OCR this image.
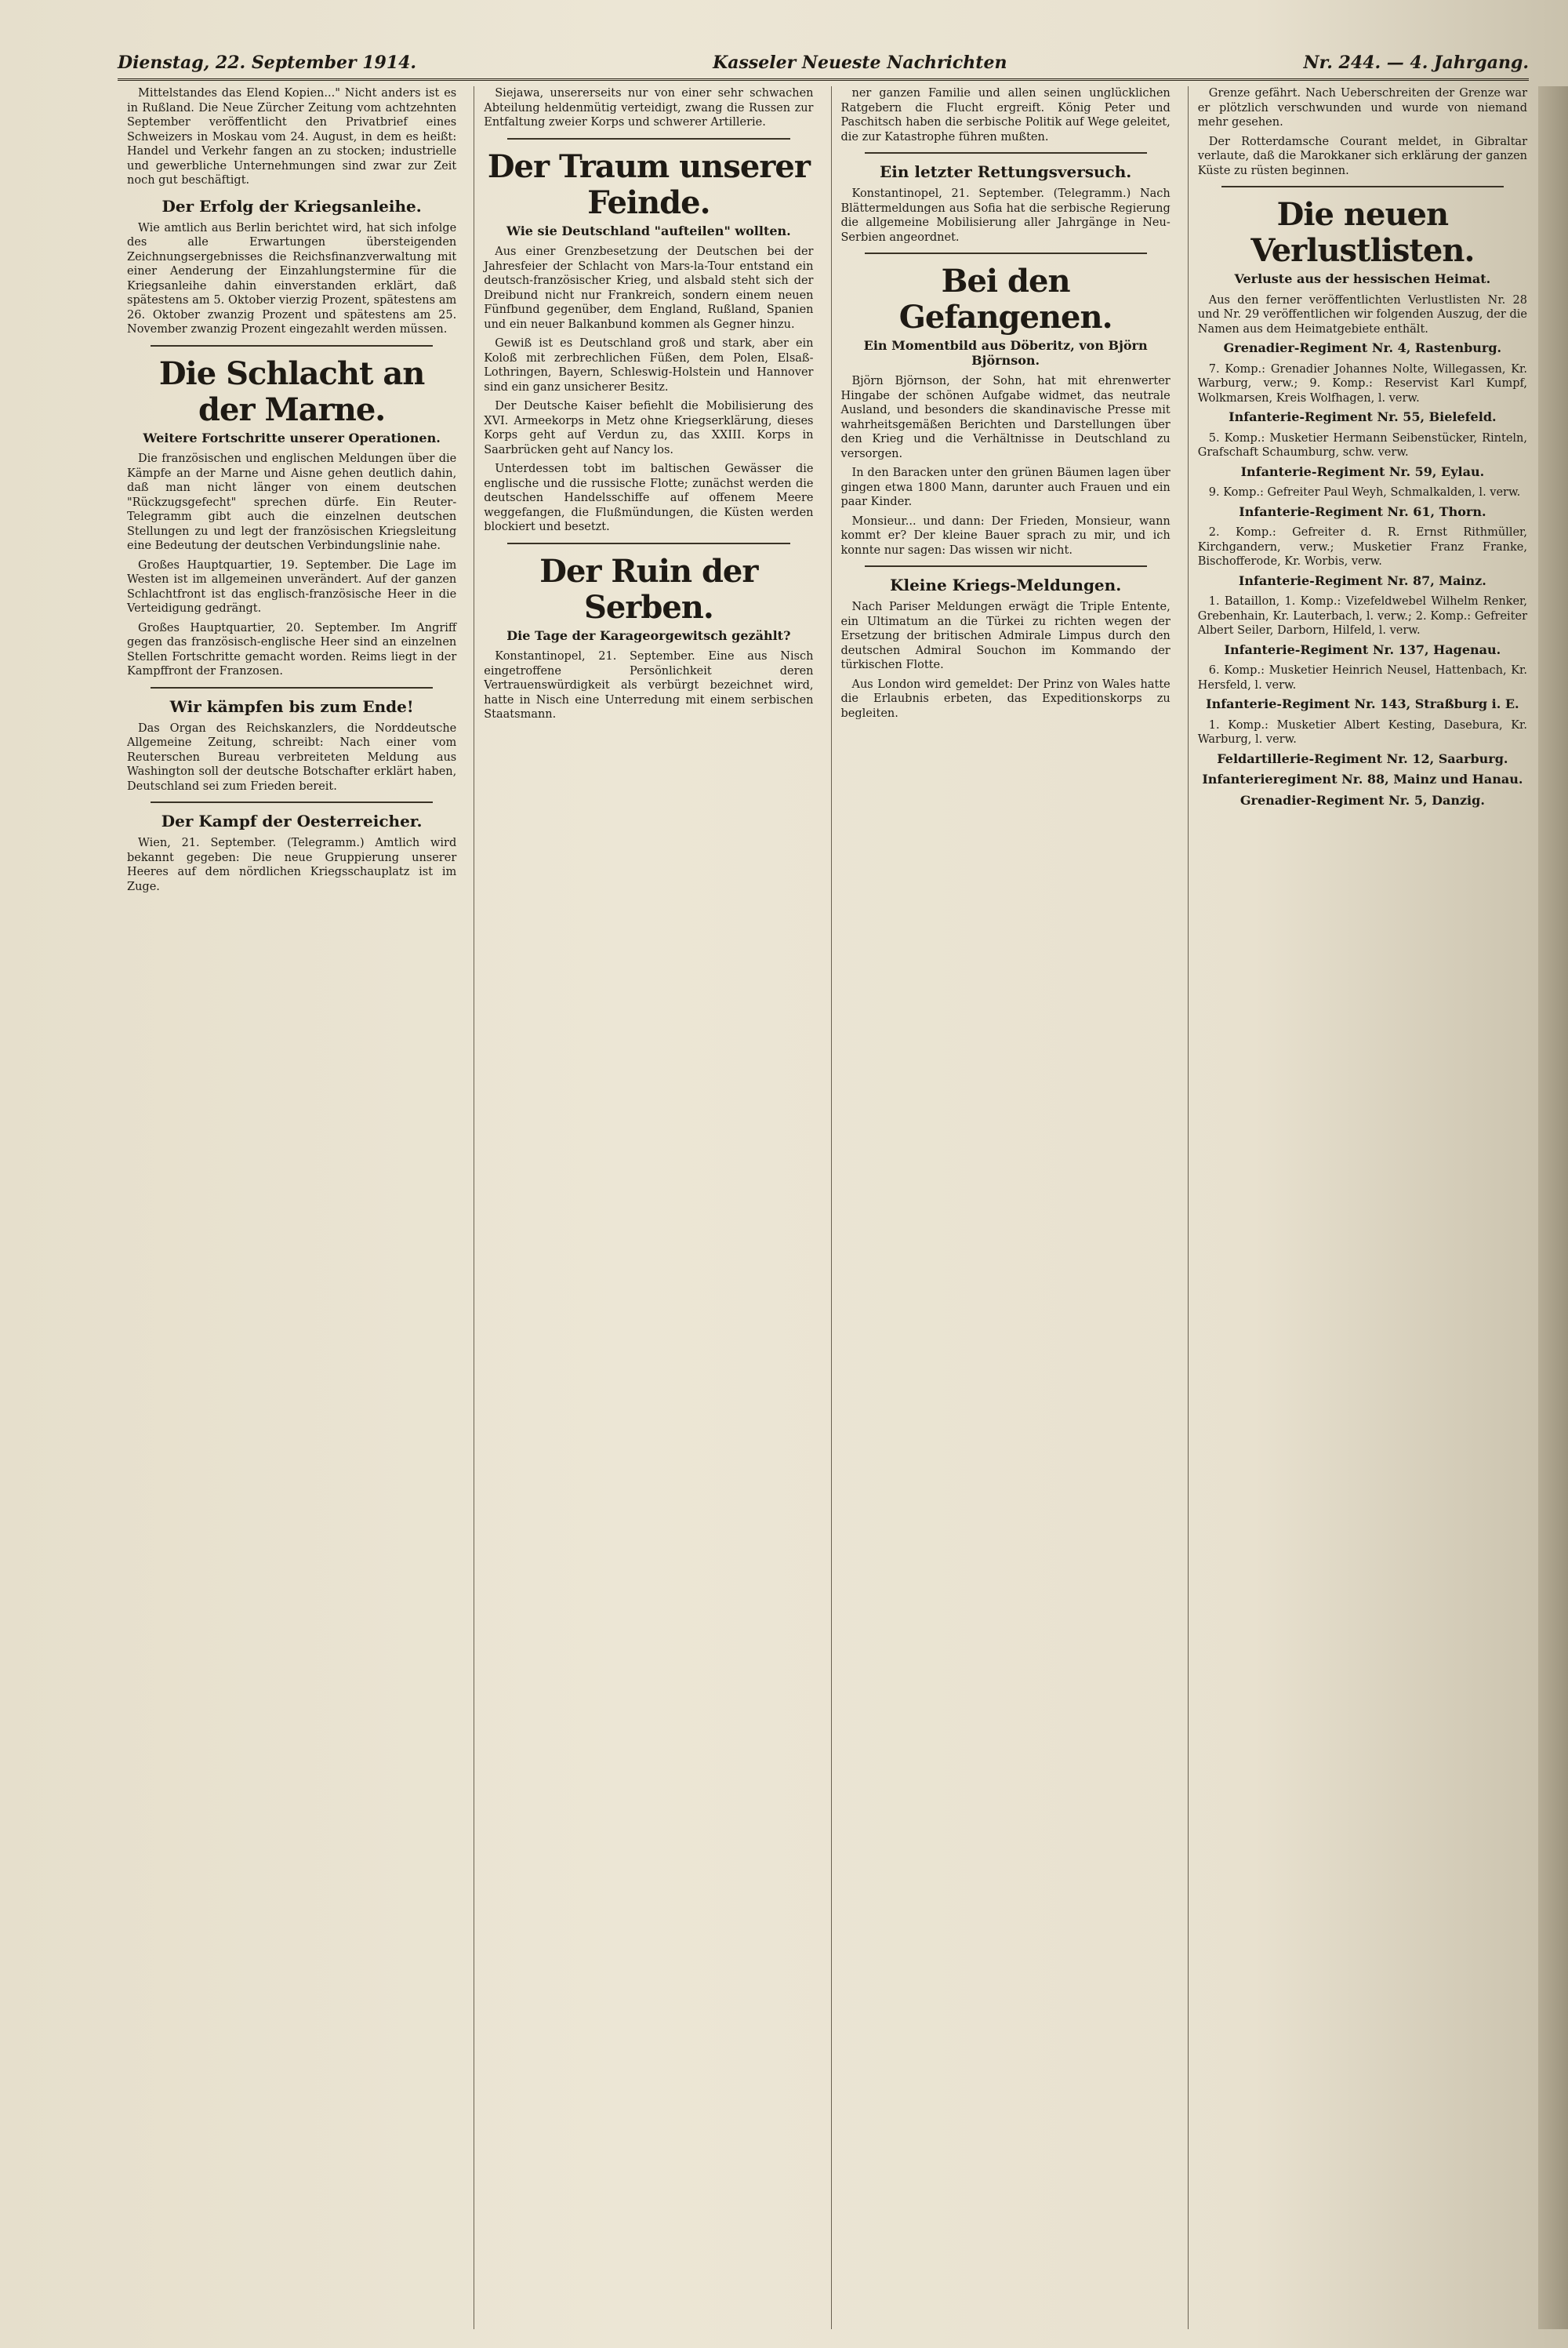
Dienstag, 22. September 1914.	Kasseler Neueste Nachrichten	Nr. 244. — 4. Jahrgang.

Mittelstandes das Elend Kopien..." Nicht anders ist es in Rußland. Die Neue Zürcher Zeitung vom achtzehnten September veröffentlicht den Privatbrief eines Schweizers in Moskau vom 24. August, in dem es heißt: Handel und Verkehr fangen an zu stocken; industrielle und gewerbliche Unternehmungen sind zwar zur Zeit noch gut beschäftigt.

Der Erfolg der Kriegsanleihe.

Wie amtlich aus Berlin berichtet wird, hat sich infolge des alle Erwartungen übersteigenden Zeichnungsergebnisses die Reichsfinanzverwaltung mit einer Aenderung der Einzahlungstermine für die Kriegsanleihe dahin einverstanden erklärt, daß spätestens am 5. Oktober vierzig Prozent, spätestens am 26. Oktober zwanzig Prozent und spätestens am 25. November zwanzig Prozent eingezahlt werden müssen.

Die Schlacht an der Marne.
Weitere Fortschritte unserer Operationen.

Die französischen und englischen Meldungen über die Kämpfe an der Marne und Aisne gehen deutlich dahin, daß man nicht länger von einem deutschen "Rückzugsgefecht" sprechen dürfe. Ein Reuter-Telegramm gibt auch die einzelnen deutschen Stellungen zu und legt der französischen Kriegsleitung eine Bedeutung der deutschen Verbindungslinie nahe.

Großes Hauptquartier, 19. September. Die Lage im Westen ist im allgemeinen unverändert. Auf der ganzen Schlachtfront ist das englisch-französische Heer in die Verteidigung gedrängt.

Großes Hauptquartier, 20. September. Im Angriff gegen das französisch-englische Heer sind an einzelnen Stellen Fortschritte gemacht worden. Reims liegt in der Kampffront der Franzosen.

Wir kämpfen bis zum Ende!

Das Organ des Reichskanzlers, die Norddeutsche Allgemeine Zeitung, schreibt: Nach einer vom Reuterschen Bureau verbreiteten Meldung aus Washington soll der deutsche Botschafter erklärt haben, Deutschland sei zum Frieden bereit.

Der Kampf der Oesterreicher.

Wien, 21. September. (Telegramm.) Amtlich wird bekannt gegeben: Die neue Gruppierung unserer Heeres auf dem nördlichen Kriegsschauplatz ist im Zuge.

Siejawa, unsererseits nur von einer sehr schwachen Abteilung heldenmütig verteidigt, zwang die Russen zur Entfaltung zweier Korps und schwerer Artillerie.

Der Traum unserer Feinde.
Wie sie Deutschland "aufteilen" wollten.

Aus einer Grenzbesetzung der Deutschen bei der Jahresfeier der Schlacht von Mars-la-Tour entstand ein deutsch-französischer Krieg, und alsbald steht sich der Dreibund nicht nur Frankreich, sondern einem neuen Fünfbund gegenüber, dem England, Rußland, Spanien und ein neuer Balkanbund kommen als Gegner hinzu.

Gewiß ist es Deutschland groß und stark, aber ein Koloß mit zerbrechlichen Füßen, dem Polen, Elsaß-Lothringen, Bayern, Schleswig-Holstein und Hannover sind ein ganz unsicherer Besitz.

Der Deutsche Kaiser befiehlt die Mobilisierung des XVI. Armeekorps in Metz ohne Kriegserklärung, dieses Korps geht auf Verdun zu, das XXIII. Korps in Saarbrücken geht auf Nancy los.

Unterdessen tobt im baltischen Gewässer die englische und die russische Flotte; zunächst werden die deutschen Handelsschiffe auf offenem Meere weggefangen, die Flußmündungen, die Küsten werden blockiert und besetzt.

Der Ruin der Serben.
Die Tage der Karageorgewitsch gezählt?

Konstantinopel, 21. September. Eine aus Nisch eingetroffene Persönlichkeit deren Vertrauenswürdigkeit als verbürgt bezeichnet wird, hatte in Nisch eine Unterredung mit einem serbischen Staatsmann.

ner ganzen Familie und allen seinen unglücklichen Ratgebern die Flucht ergreift. König Peter und Paschitsch haben die serbische Politik auf Wege geleitet, die zur Katastrophe führen mußten.

Ein letzter Rettungsversuch.

Konstantinopel, 21. September. (Telegramm.) Nach Blättermeldungen aus Sofia hat die serbische Regierung die allgemeine Mobilisierung aller Jahrgänge in Neu-Serbien angeordnet.

Bei den Gefangenen.
Ein Momentbild aus Döberitz, von Björn Björnson.

Björn Björnson, der Sohn, hat mit ehrenwerter Hingabe der schönen Aufgabe widmet, das neutrale Ausland, und besonders die skandinavische Presse mit wahrheitsgemäßen Berichten und Darstellungen über den Krieg und die Verhältnisse in Deutschland zu versorgen.

In den Baracken unter den grünen Bäumen lagen über gingen etwa 1800 Mann, darunter auch Frauen und ein paar Kinder.

Monsieur... und dann: Der Frieden, Monsieur, wann kommt er? Der kleine Bauer sprach zu mir, und ich konnte nur sagen: Das wissen wir nicht.

Kleine Kriegs-Meldungen.

Nach Pariser Meldungen erwägt die Triple Entente, ein Ultimatum an die Türkei zu richten wegen der Ersetzung der britischen Admirale Limpus durch den deutschen Admiral Souchon im Kommando der türkischen Flotte.

Aus London wird gemeldet: Der Prinz von Wales hatte die Erlaubnis erbeten, das Expeditionskorps zu begleiten.

Grenze gefährt. Nach Ueberschreiten der Grenze war er plötzlich verschwunden und wurde von niemand mehr gesehen.

Der Rotterdamsche Courant meldet, in Gibraltar verlaute, daß die Marokkaner sich erklärung der ganzen Küste zu rüsten beginnen.

Die neuen Verlustlisten.
Verluste aus der hessischen Heimat.

Aus den ferner veröffentlichten Verlustlisten Nr. 28 und Nr. 29 veröffentlichen wir folgenden Auszug, der die Namen aus dem Heimatgebiete enthält.

Grenadier-Regiment Nr. 4, Rastenburg.

7. Komp.: Grenadier Johannes Nolte, Willegassen, Kr. Warburg, verw.; 9. Komp.: Reservist Karl Kumpf, Wolkmarsen, Kreis Wolfhagen, l. verw.

Infanterie-Regiment Nr. 55, Bielefeld.

5. Komp.: Musketier Hermann Seibenstücker, Rinteln, Grafschaft Schaumburg, schw. verw.

Infanterie-Regiment Nr. 59, Eylau.

9. Komp.: Gefreiter Paul Weyh, Schmalkalden, l. verw.

Infanterie-Regiment Nr. 61, Thorn.

2. Komp.: Gefreiter d. R. Ernst Rithmüller, Kirchgandern, verw.; Musketier Franz Franke, Bischofferode, Kr. Worbis, verw.

Infanterie-Regiment Nr. 87, Mainz.

1. Bataillon, 1. Komp.: Vizefeldwebel Wilhelm Renker, Grebenhain, Kr. Lauterbach, l. verw.; 2. Komp.: Gefreiter Albert Seiler, Darborn, Hilfeld, l. verw.

Infanterie-Regiment Nr. 137, Hagenau.

6. Komp.: Musketier Heinrich Neusel, Hattenbach, Kr. Hersfeld, l. verw.

Infanterie-Regiment Nr. 143, Straßburg i. E.

1. Komp.: Musketier Albert Kesting, Dasebura, Kr. Warburg, l. verw.

Feldartillerie-Regiment Nr. 12, Saarburg.
Infanterieregiment Nr. 88, Mainz und Hanau.
Grenadier-Regiment Nr. 5, Danzig.
